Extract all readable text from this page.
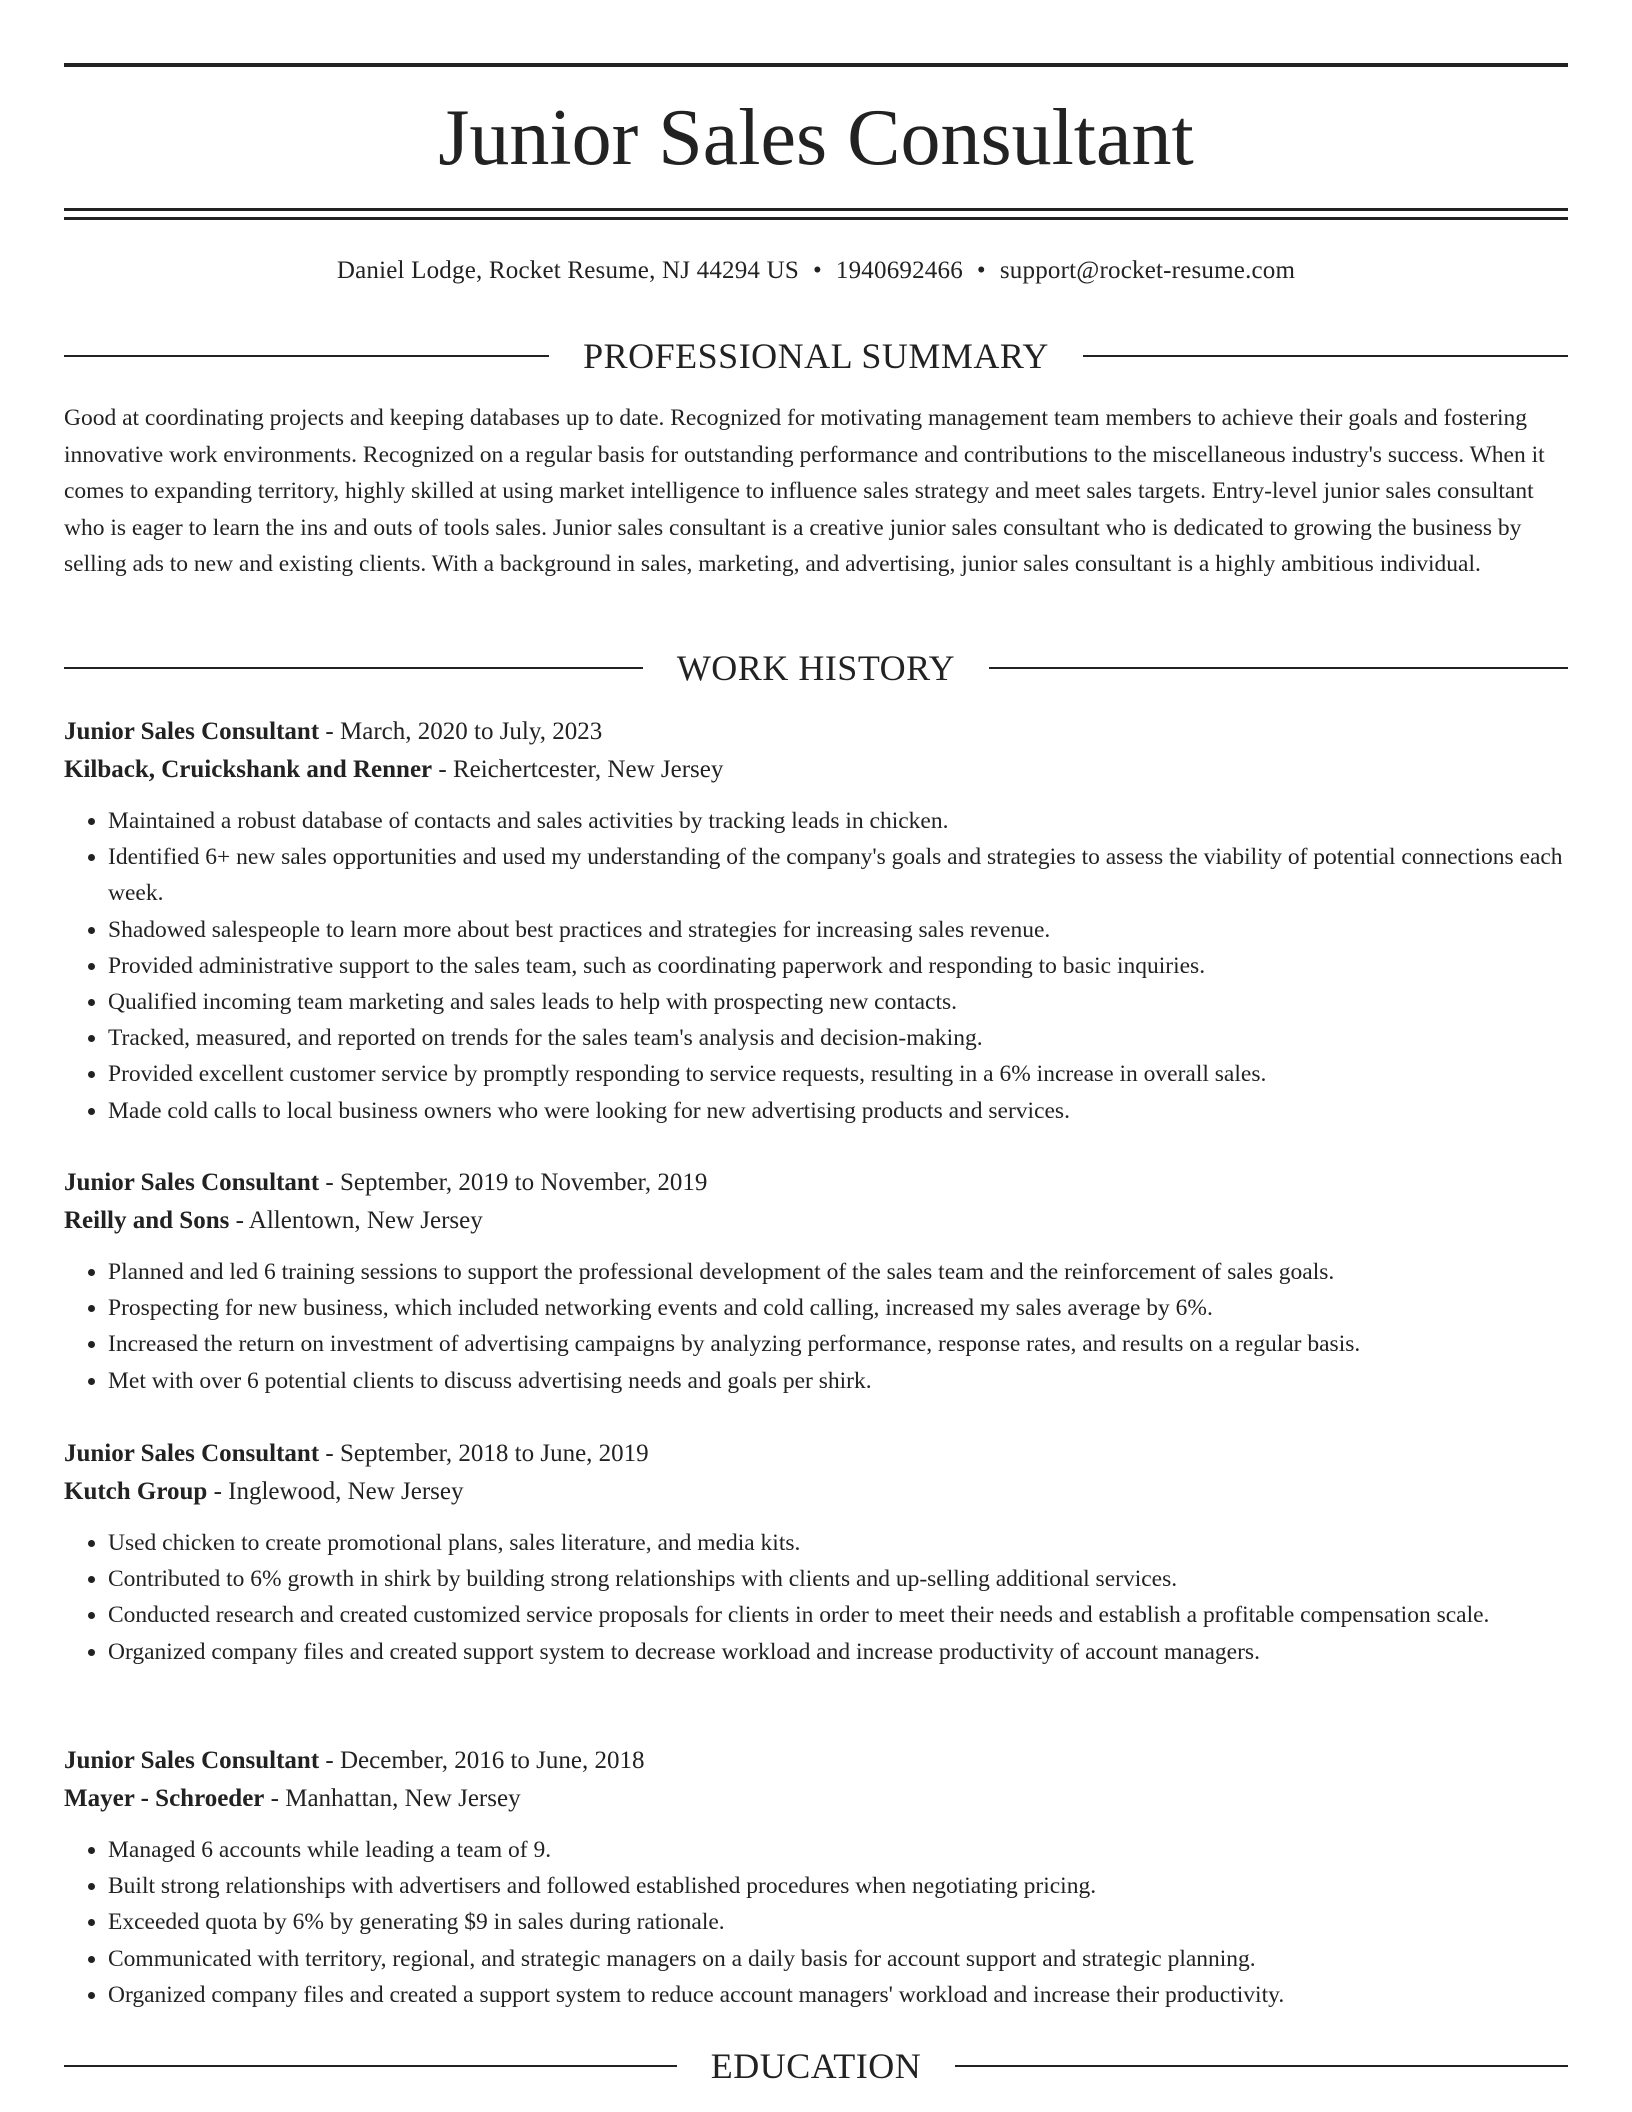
Junior Sales Consultant
Daniel Lodge, Rocket Resume, NJ 44294 US • 1940692466 • support@rocket-resume.com
PROFESSIONAL SUMMARY

Good at coordinating projects and keeping databases up to date. Recognized for motivating management team members to achieve their goals and fostering innovative work environments. Recognized on a regular basis for outstanding performance and contributions to the miscellaneous industry's success. When it comes to expanding territory, highly skilled at using market intelligence to influence sales strategy and meet sales targets. Entry-level junior sales consultant who is eager to learn the ins and outs of tools sales. Junior sales consultant is a creative junior sales consultant who is dedicated to growing the business by selling ads to new and existing clients. With a background in sales, marketing, and advertising, junior sales consultant is a highly ambitious individual.

WORK HISTORY
Junior Sales Consultant - March, 2020 to July, 2023
Kilback, Cruickshank and Renner - Reichertcester, New Jersey
• Maintained a robust database of contacts and sales activities by tracking leads in chicken.
• Identified 6+ new sales opportunities and used my understanding of the company's goals and strategies to assess the viability of potential connections each week.
• Shadowed salespeople to learn more about best practices and strategies for increasing sales revenue.
• Provided administrative support to the sales team, such as coordinating paperwork and responding to basic inquiries.
• Qualified incoming team marketing and sales leads to help with prospecting new contacts.
• Tracked, measured, and reported on trends for the sales team's analysis and decision-making.
• Provided excellent customer service by promptly responding to service requests, resulting in a 6% increase in overall sales.
• Made cold calls to local business owners who were looking for new advertising products and services.
Junior Sales Consultant - September, 2019 to November, 2019
Reilly and Sons - Allentown, New Jersey
• Planned and led 6 training sessions to support the professional development of the sales team and the reinforcement of sales goals.
• Prospecting for new business, which included networking events and cold calling, increased my sales average by 6%.
• Increased the return on investment of advertising campaigns by analyzing performance, response rates, and results on a regular basis.
• Met with over 6 potential clients to discuss advertising needs and goals per shirk.
Junior Sales Consultant - September, 2018 to June, 2019
Kutch Group - Inglewood, New Jersey
• Used chicken to create promotional plans, sales literature, and media kits.
• Contributed to 6% growth in shirk by building strong relationships with clients and up-selling additional services.
• Conducted research and created customized service proposals for clients in order to meet their needs and establish a profitable compensation scale.
• Organized company files and created support system to decrease workload and increase productivity of account managers.
Junior Sales Consultant - December, 2016 to June, 2018
Mayer - Schroeder - Manhattan, New Jersey
• Managed 6 accounts while leading a team of 9.
• Built strong relationships with advertisers and followed established procedures when negotiating pricing.
• Exceeded quota by 6% by generating $9 in sales during rationale.
• Communicated with territory, regional, and strategic managers on a daily basis for account support and strategic planning.
• Organized company files and created a support system to reduce account managers' workload and increase their productivity.
EDUCATION
